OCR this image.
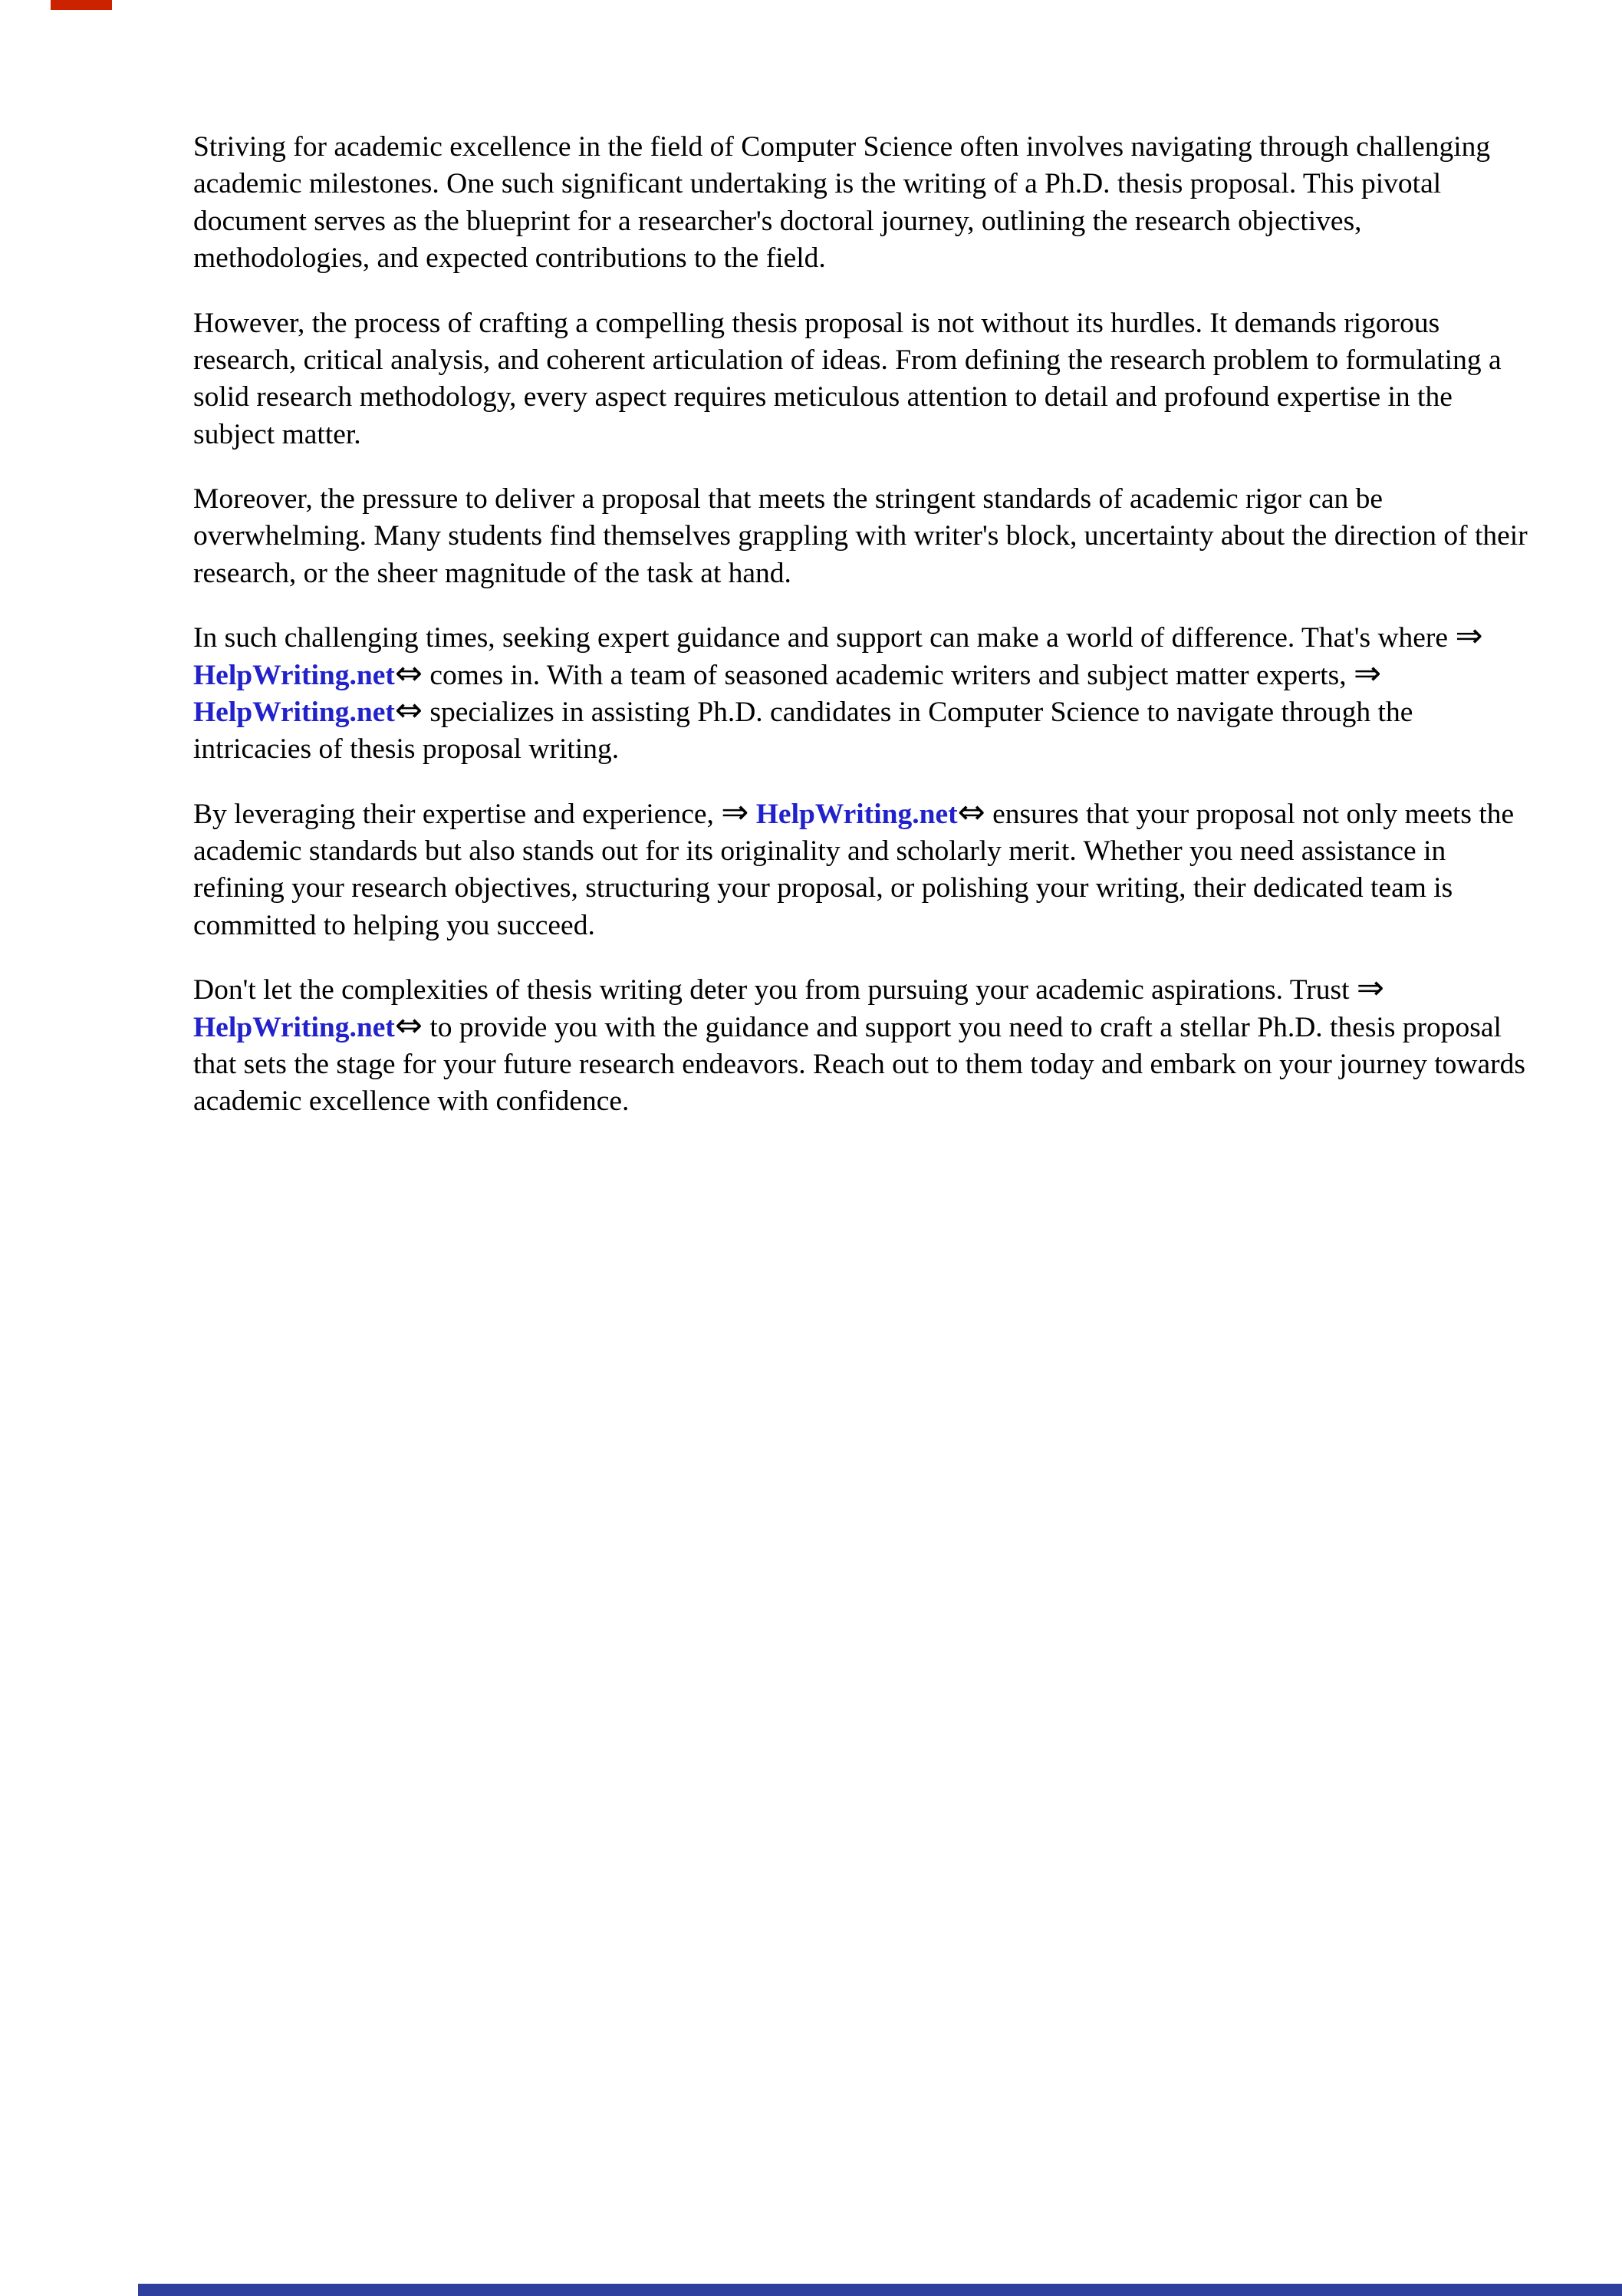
Striving for academic excellence in the field of Computer Science often involves navigating through challenging academic milestones. One such significant undertaking is the writing of a Ph.D. thesis proposal. This pivotal document serves as the blueprint for a researcher's doctoral journey, outlining the research objectives, methodologies, and expected contributions to the field.

However, the process of crafting a compelling thesis proposal is not without its hurdles. It demands rigorous research, critical analysis, and coherent articulation of ideas. From defining the research problem to formulating a solid research methodology, every aspect requires meticulous attention to detail and profound expertise in the subject matter.

Moreover, the pressure to deliver a proposal that meets the stringent standards of academic rigor can be overwhelming. Many students find themselves grappling with writer's block, uncertainty about the direction of their research, or the sheer magnitude of the task at hand.

In such challenging times, seeking expert guidance and support can make a world of difference. That's where ⇒ HelpWriting.net⇔ comes in. With a team of seasoned academic writers and subject matter experts, ⇒ HelpWriting.net⇔ specializes in assisting Ph.D. candidates in Computer Science to navigate through the intricacies of thesis proposal writing.

By leveraging their expertise and experience, ⇒ HelpWriting.net⇔ ensures that your proposal not only meets the academic standards but also stands out for its originality and scholarly merit. Whether you need assistance in refining your research objectives, structuring your proposal, or polishing your writing, their dedicated team is committed to helping you succeed.

Don't let the complexities of thesis writing deter you from pursuing your academic aspirations. Trust ⇒ HelpWriting.net⇔ to provide you with the guidance and support you need to craft a stellar Ph.D. thesis proposal that sets the stage for your future research endeavors. Reach out to them today and embark on your journey towards academic excellence with confidence.
